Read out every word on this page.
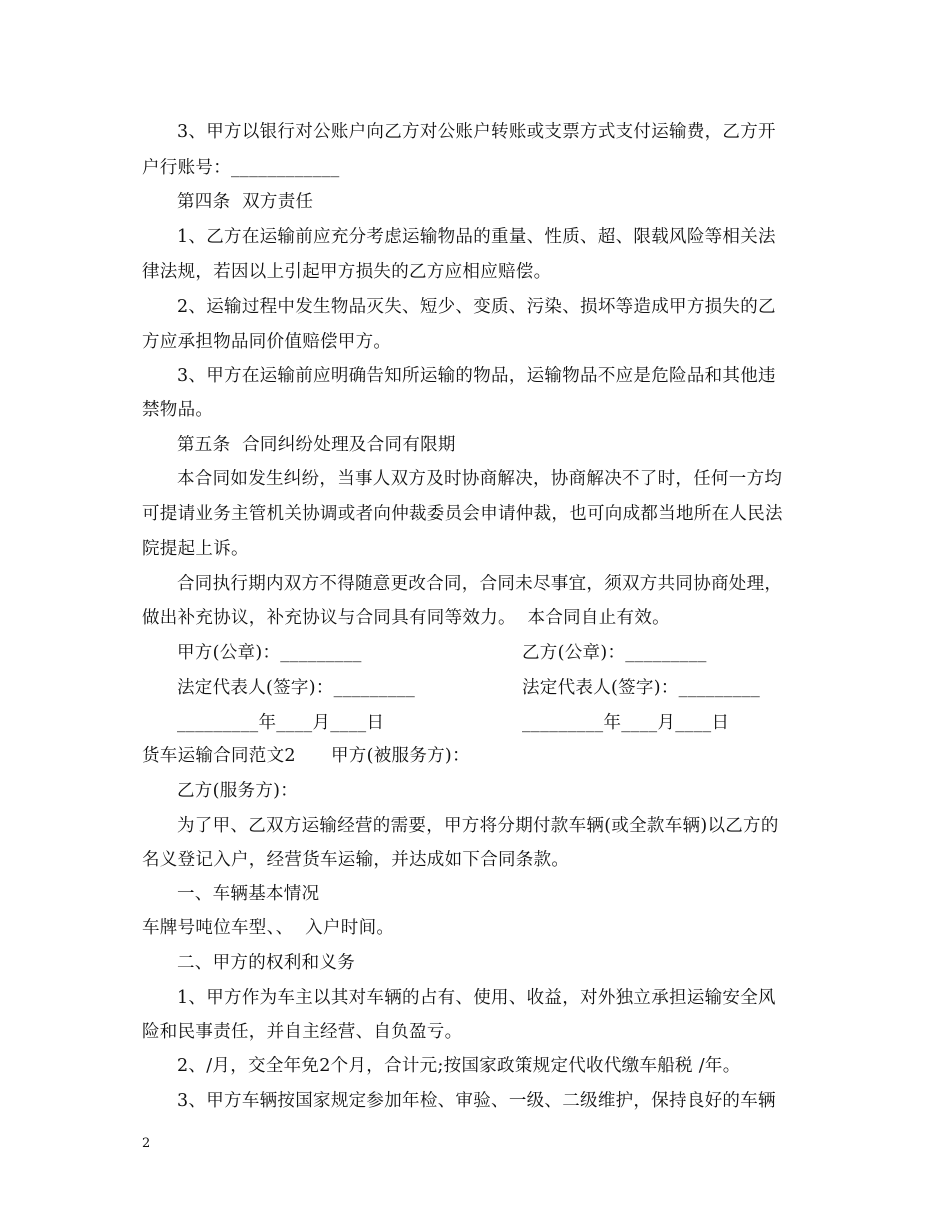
3、甲方以银行对公账户向乙方对公账户转账或支票方式支付运输费，乙方开
户行账号：____________
第四条  双方责任
1、乙方在运输前应充分考虑运输物品的重量、性质、超、限载风险等相关法
律法规，若因以上引起甲方损失的乙方应相应赔偿。
2、运输过程中发生物品灭失、短少、变质、污染、损坏等造成甲方损失的乙
方应承担物品同价值赔偿甲方。
3、甲方在运输前应明确告知所运输的物品，运输物品不应是危险品和其他违
禁物品。
第五条  合同纠纷处理及合同有限期
本合同如发生纠纷，当事人双方及时协商解决，协商解决不了时，任何一方均
可提请业务主管机关协调或者向仲裁委员会申请仲裁，也可向成都当地所在人民法
院提起上诉。
合同执行期内双方不得随意更改合同，合同未尽事宜，须双方共同协商处理，
做出补充协议，补充协议与合同具有同等效力。  本合同自止有效。
甲方(公章)：_________	乙方(公章)：_________
法定代表人(签字)：_________	法定代表人(签字)：_________
_________年____月____日	_________年____月____日
货车运输合同范文2      甲方(被服务方)：
乙方(服务方)：
为了甲、乙双方运输经营的需要，甲方将分期付款车辆(或全款车辆)以乙方的
名义登记入户，经营货车运输，并达成如下合同条款。
一、车辆基本情况
车牌号吨位车型、、  入户时间。
二、甲方的权利和义务
1、甲方作为车主以其对车辆的占有、使用、收益，对外独立承担运输安全风
险和民事责任，并自主经营、自负盈亏。
2、/月，交全年免2个月，合计元;按国家政策规定代收代缴车船税 /年。
3、甲方车辆按国家规定参加年检、审验、一级、二级维护，保持良好的车辆
2
